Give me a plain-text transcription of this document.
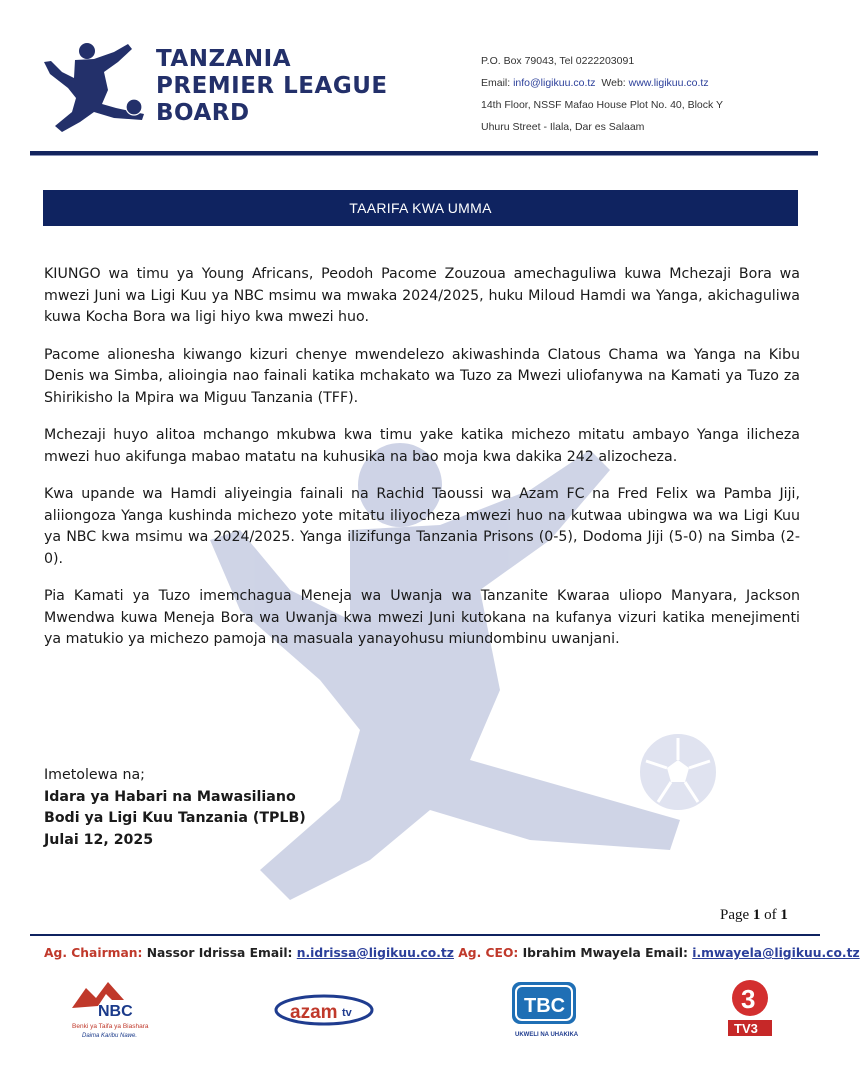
TANZANIA
PREMIER LEAGUE
BOARD
P.O. Box 79043, Tel 0222203091
Email: info@ligikuu.co.tz Web: www.ligikuu.co.tz
14th Floor, NSSF Mafao House Plot No. 40, Block Y
Uhuru Street - Ilala, Dar es Salaam
TAARIFA KWA UMMA

KIUNGO wa timu ya Young Africans, Peodoh Pacome Zouzoua amechaguliwa kuwa Mchezaji Bora wa mwezi Juni wa Ligi Kuu ya NBC msimu wa mwaka 2024/2025, huku Miloud Hamdi wa Yanga, akichaguliwa kuwa Kocha Bora wa ligi hiyo kwa mwezi huo.

Pacome alionesha kiwango kizuri chenye mwendelezo akiwashinda Clatous Chama wa Yanga na Kibu Denis wa Simba, alioingia nao fainali katika mchakato wa Tuzo za Mwezi uliofanywa na Kamati ya Tuzo za Shirikisho la Mpira wa Miguu Tanzania (TFF).

Mchezaji huyo alitoa mchango mkubwa kwa timu yake katika michezo mitatu ambayo Yanga ilicheza mwezi huo akifunga mabao matatu na kuhusika na bao moja kwa dakika 242 alizocheza.

Kwa upande wa Hamdi aliyeingia fainali na Rachid Taoussi wa Azam FC na Fred Felix wa Pamba Jiji, aliiongoza Yanga kushinda michezo yote mitatu iliyocheza mwezi huo na kutwaa ubingwa wa wa Ligi Kuu ya NBC kwa msimu wa 2024/2025. Yanga ilizifunga Tanzania Prisons (0-5), Dodoma Jiji (5-0) na Simba (2-0).

Pia Kamati ya Tuzo imemchagua Meneja wa Uwanja wa Tanzanite Kwaraa uliopo Manyara, Jackson Mwendwa kuwa Meneja Bora wa Uwanja kwa mwezi Juni kutokana na kufanya vizuri katika menejimenti ya matukio ya michezo pamoja na masuala yanayohusu miundombinu uwanjani.

Imetolewa na;
Idara ya Habari na Mawasiliano
Bodi ya Ligi Kuu Tanzania (TPLB)
Julai 12, 2025
Page 1 of 1
Ag. Chairman: Nassor Idrissa Email: n.idrissa@ligikuu.co.tz Ag. CEO: Ibrahim Mwayela Email: i.mwayela@ligikuu.co.tz
NBC
Benki ya Taifa ya Biashara
Daima Karibu Nawe.
azam tv	TBC
UKWELI NA UHAKIKA
3
TV3
